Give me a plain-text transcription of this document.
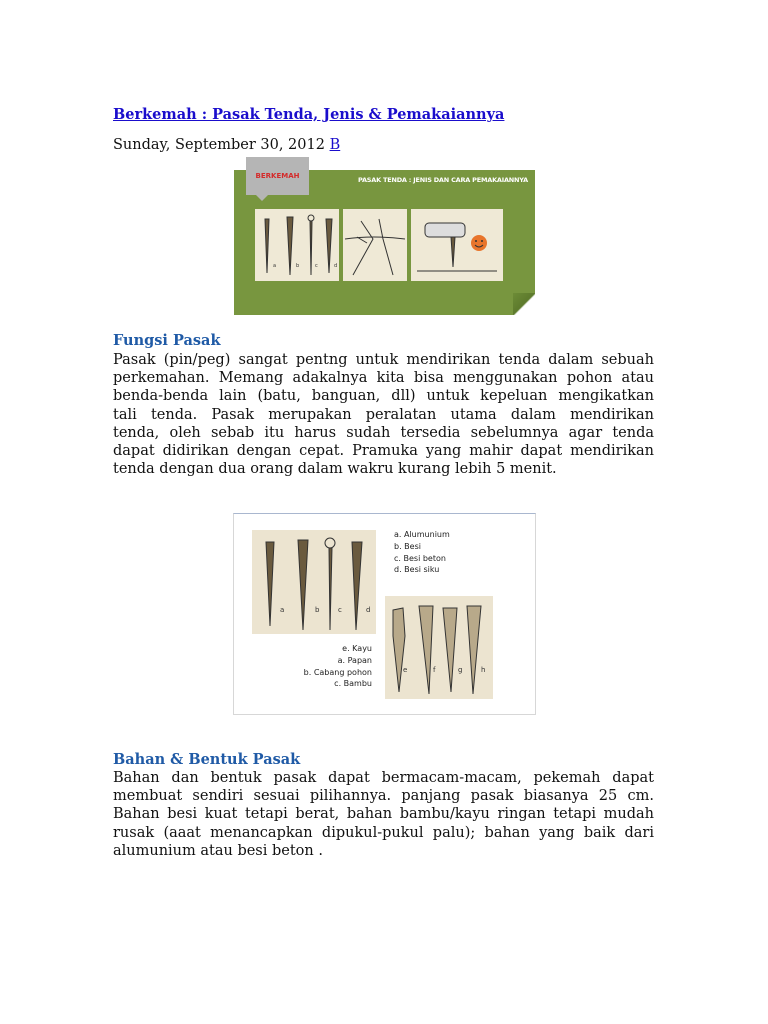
Berkemah : Pasak Tenda, Jenis & Pemakaiannya
Sunday, September 30, 2012 B
BERKEMAH	PASAK TENDA : JENIS DAN CARA PEMAKAIANNYA
a	b	c	d
Fungsi Pasak
Pasak (pin/peg) sangat pentng untuk mendirikan tenda dalam sebuah
perkemahan. Memang adakalnya kita bisa menggunakan pohon atau
benda-benda lain (batu, banguan, dll) untuk kepeluan mengikatkan
tali tenda. Pasak merupakan peralatan utama dalam mendirikan
tenda, oleh sebab itu harus sudah tersedia sebelumnya agar tenda
dapat didirikan dengan cepat. Pramuka yang mahir dapat mendirikan
tenda dengan dua orang dalam wakru kurang lebih 5 menit.
a	b	c	d
a. Alumunium
b. Besi
c. Besi beton
d. Besi siku
e. Kayu
a. Papan
b. Cabang pohon
c. Bambu
e	f	g	h
Bahan & Bentuk Pasak
Bahan dan bentuk pasak dapat bermacam-macam, pekemah dapat
membuat sendiri sesuai pilihannya. panjang pasak biasanya 25 cm.
Bahan besi kuat tetapi berat, bahan bambu/kayu ringan tetapi mudah
rusak (aaat menancapkan dipukul-pukul palu); bahan yang baik dari
alumunium atau besi beton .
